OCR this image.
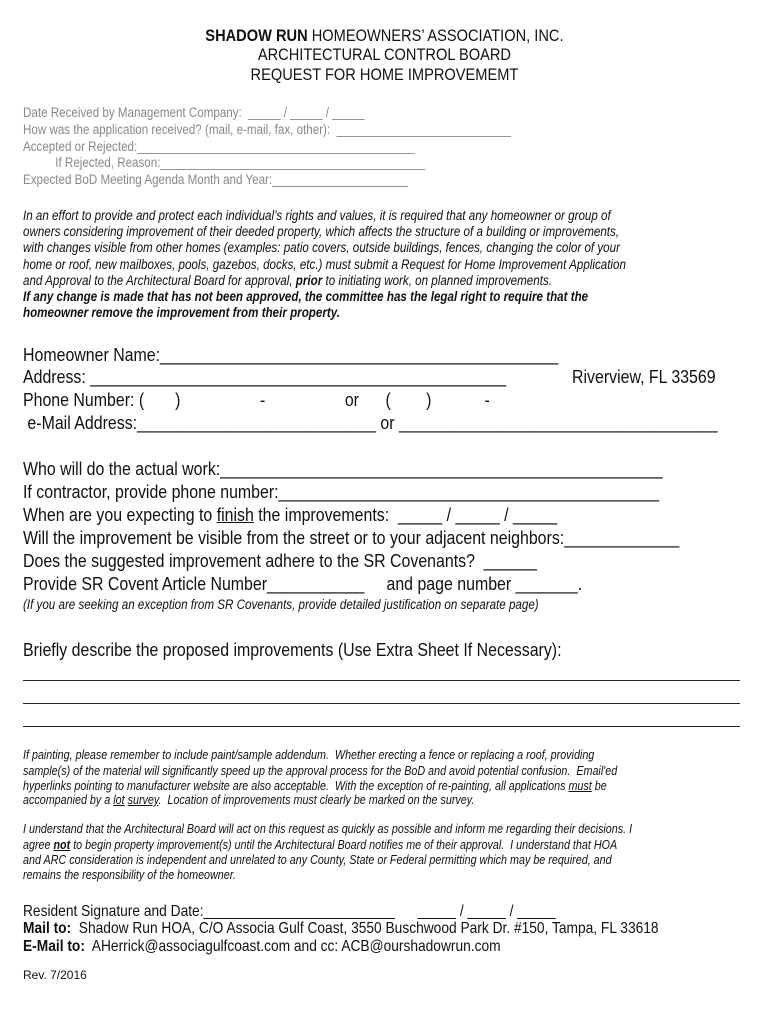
SHADOW RUN HOMEOWNERS’ ASSOCIATION, INC.
ARCHITECTURAL CONTROL BOARD
REQUEST FOR HOME IMPROVEMEMT
Date Received by Management Company:  _____ / _____ / _____
How was the application received? (mail, e-mail, fax, other):  ___________________________
Accepted or Rejected:___________________________________________
If Rejected, Reason:_________________________________________
Expected BoD Meeting Agenda Month and Year:_____________________
In an effort to provide and protect each individual’s rights and values, it is required that any homeowner or group of
owners considering improvement of their deeded property, which affects the structure of a building or improvements,
with changes visible from other homes (examples: patio covers, outside buildings, fences, changing the color of your
home or roof, new mailboxes, pools, gazebos, docks, etc.) must submit a Request for Home Improvement Application
and Approval to the Architectural Board for approval, prior to initiating work, on planned improvements.
If any change is made that has not been approved, the committee has the legal right to require that the
homeowner remove the improvement from their property.
Homeowner Name:_____________________________________________
Address: _______________________________________________	Riverview, FL 33569
Phone Number: (       )                  -                  or      (        )            -
e-Mail Address:___________________________ or ____________________________________
Who will do the actual work:__________________________________________________
If contractor, provide phone number:___________________________________________
When are you expecting to finish the improvements:  _____ / _____ / _____
Will the improvement be visible from the street or to your adjacent neighbors:_____________
Does the suggested improvement adhere to the SR Covenants?  ______
Provide SR Covent Article Number___________     and page number _______.
(If you are seeking an exception from SR Covenants, provide detailed justification on separate page)
Briefly describe the proposed improvements (Use Extra Sheet If Necessary):
If painting, please remember to include paint/sample addendum.  Whether erecting a fence or replacing a roof, providing
sample(s) of the material will significantly speed up the approval process for the BoD and avoid potential confusion.  Email'ed
hyperlinks pointing to manufacturer website are also acceptable.  With the exception of re-painting, all applications must be
accompanied by a lot survey.  Location of improvements must clearly be marked on the survey.
I understand that the Architectural Board will act on this request as quickly as possible and inform me regarding their decisions. I
agree not to begin property improvement(s) until the Architectural Board notifies me of their approval.  I understand that HOA
and ARC consideration is independent and unrelated to any County, State or Federal permitting which may be required, and
remains the responsibility of the homeowner.
Resident Signature and Date:_________________________      _____ / _____ / _____
Mail to:  Shadow Run HOA, C/O Associa Gulf Coast, 3550 Buschwood Park Dr. #150, Tampa, FL 33618
E-Mail to:  AHerrick@associagulfcoast.com and cc: ACB@ourshadowrun.com
Rev. 7/2016
